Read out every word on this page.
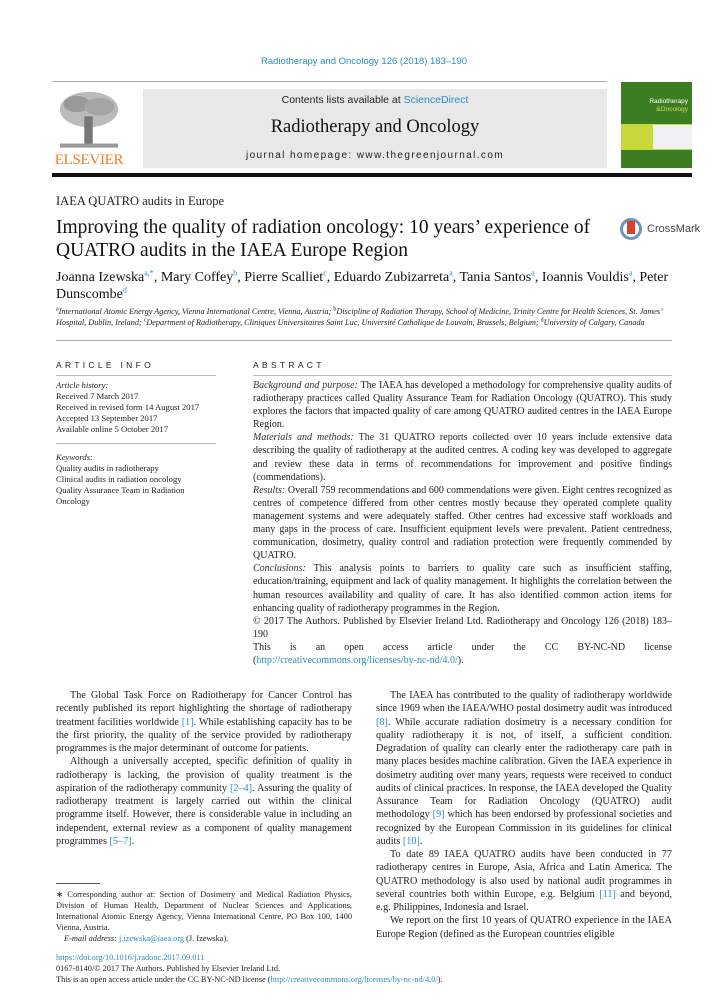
Radiotherapy and Oncology 126 (2018) 183–190
ELSEVIER
Contents lists available at ScienceDirect
Radiotherapy and Oncology
journal homepage: www.thegreenjournal.com
Radiotherapy
&Oncology
IAEA QUATRO audits in Europe
Improving the quality of radiation oncology: 10 years’ experience of QUATRO audits in the IAEA Europe Region
CrossMark
Joanna Izewska$^{a,*}$, Mary Coffey$^b$, Pierre Scalliet$^c$, Eduardo Zubizarreta$^a$, Tania Santos$^a$, Ioannis Vouldis$^a$, Peter Dunscombe$^d$
$^a$International Atomic Energy Agency, Vienna International Centre, Vienna, Austria; $^b$Discipline of Radiation Therapy, School of Medicine, Trinity Centre for Health Sciences, St. James’ Hospital, Dublin, Ireland; $^c$Department of Radiotherapy, Cliniques Universitaires Saint Luc, Université Catholique de Louvain, Brussels, Belgium; $^d$University of Calgary, Canada
ARTICLE INFO
Article history:
Received 7 March 2017
Received in revised form 14 August 2017
Accepted 13 September 2017
Available online 5 October 2017
Keywords:
Quality audits in radiotherapy
Clinical audits in radiation oncology
Quality Assurance Team in Radiation Oncology
ABSTRACT

Background and purpose: The IAEA has developed a methodology for comprehensive quality audits of radiotherapy practices called Quality Assurance Team for Radiation Oncology (QUATRO). This study explores the factors that impacted quality of care among QUATRO audited centres in the IAEA Europe Region.

Materials and methods: The 31 QUATRO reports collected over 10 years include extensive data describing the quality of radiotherapy at the audited centres. A coding key was developed to aggregate and review these data in terms of recommendations for improvement and positive findings (commendations).

Results: Overall 759 recommendations and 600 commendations were given. Eight centres recognized as centres of competence differed from other centres mostly because they operated complete quality management systems and were adequately staffed. Other centres had excessive staff workloads and many gaps in the process of care. Insufficient equipment levels were prevalent. Patient centredness, communication, dosimetry, quality control and radiation protection were frequently commended by QUATRO.

Conclusions: This analysis points to barriers to quality care such as insufficient staffing, education/training, equipment and lack of quality management. It highlights the correlation between the human resources availability and quality of care. It has also identified common action items for enhancing quality of radiotherapy programmes in the Region.

© 2017 The Authors. Published by Elsevier Ireland Ltd. Radiotherapy and Oncology 126 (2018) 183–190

This is an open access article under the CC BY-NC-ND license (http://creativecommons.org/licenses/by-nc-nd/4.0/).

The Global Task Force on Radiotherapy for Cancer Control has recently published its report highlighting the shortage of radiotherapy treatment facilities worldwide [1]. While establishing capacity has to be the first priority, the quality of the service provided by radiotherapy programmes is the major determinant of outcome for patients.

Although a universally accepted, specific definition of quality in radiotherapy is lacking, the provision of quality treatment is the aspiration of the radiotherapy community [2–4]. Assuring the quality of radiotherapy treatment is largely carried out within the clinical programme itself. However, there is considerable value in including an independent, external review as a component of quality management programmes [5–7].

∗ Corresponding author at: Section of Dosimetry and Medical Radiation Physics, Division of Human Health, Department of Nuclear Sciences and Applications, International Atomic Energy Agency, Vienna International Centre, PO Box 100, 1400 Vienna, Austria.

E-mail address: j.izewska@iaea.org (J. Izewska).

The IAEA has contributed to the quality of radiotherapy worldwide since 1969 when the IAEA/WHO postal dosimetry audit was introduced [8]. While accurate radiation dosimetry is a necessary condition for quality radiotherapy it is not, of itself, a sufficient condition. Degradation of quality can clearly enter the radiotherapy care path in many places besides machine calibration. Given the IAEA experience in dosimetry auditing over many years, requests were received to conduct audits of clinical practices. In response, the IAEA developed the Quality Assurance Team for Radiation Oncology (QUATRO) audit methodology [9] which has been endorsed by professional societies and recognized by the European Commission in its guidelines for clinical audits [10].

To date 89 IAEA QUATRO audits have been conducted in 77 radiotherapy centres in Europe, Asia, Africa and Latin America. The QUATRO methodology is also used by national audit programmes in several countries both within Europe, e.g. Belgium [11] and beyond, e.g. Philippines, Indonesia and Israel.

We report on the first 10 years of QUATRO experience in the IAEA Europe Region (defined as the European countries eligible

https://doi.org/10.1016/j.radonc.2017.09.011
0167-8140/© 2017 The Authors. Published by Elsevier Ireland Ltd.
This is an open access article under the CC BY-NC-ND license (http://creativecommons.org/licenses/by-nc-nd/4.0/).
